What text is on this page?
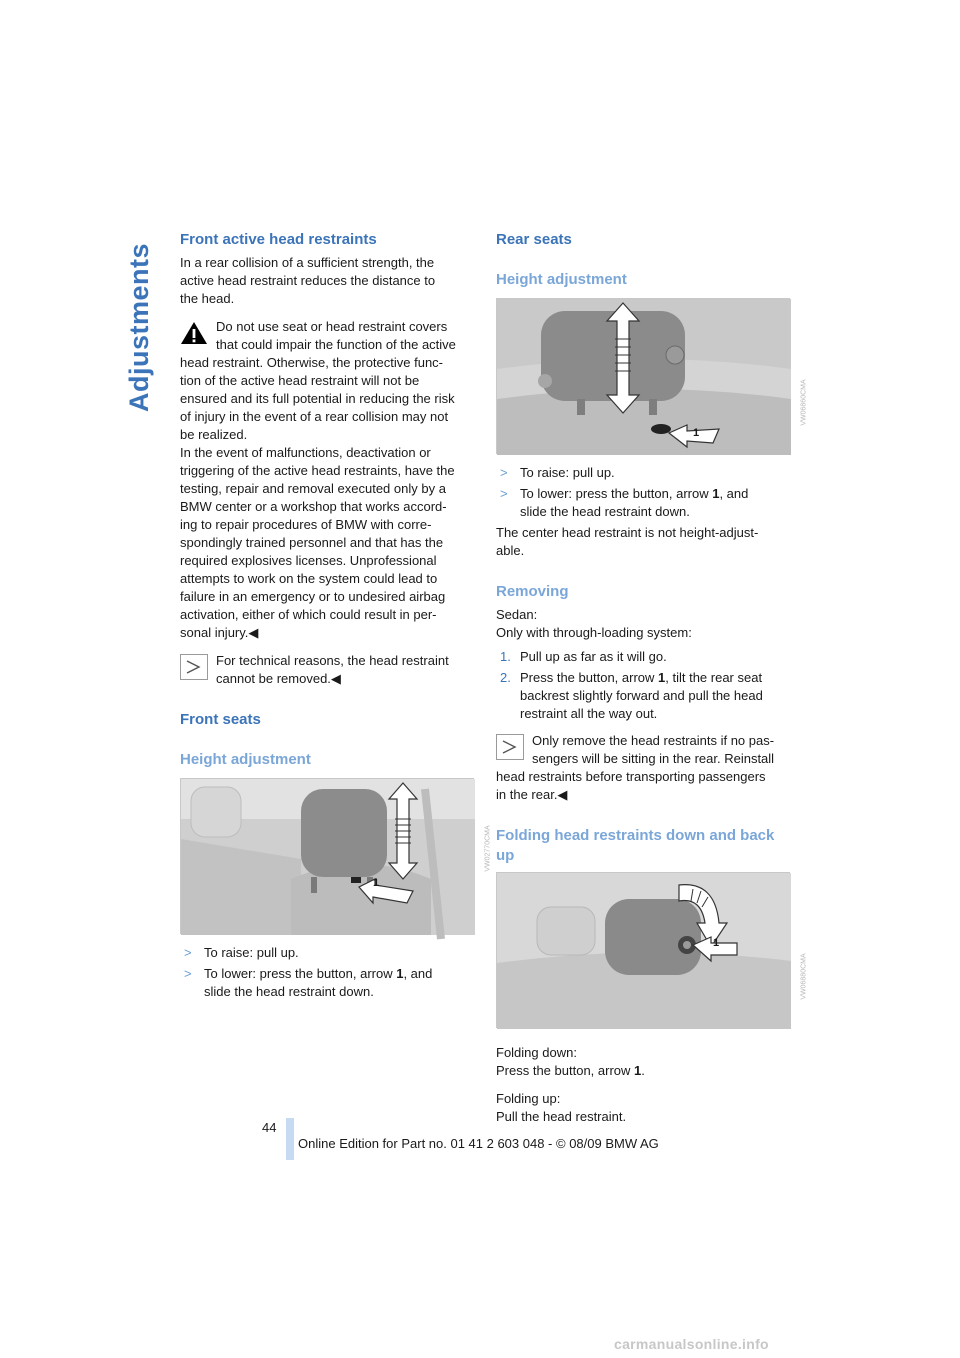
Adjustments
Front active head restraints
In a rear collision of a sufficient strength, the
active head restraint reduces the distance to
the head.
Do not use seat or head restraint covers
that could impair the function of the active
head restraint. Otherwise, the protective func-
tion of the active head restraint will not be
ensured and its full potential in reducing the risk
of injury in the event of a rear collision may not
be realized.
In the event of malfunctions, deactivation or
triggering of the active head restraints, have the
testing, repair and removal executed only by a
BMW center or a workshop that works accord-
ing to repair procedures of BMW with corre-
spondingly trained personnel and that has the
required explosives licenses. Unprofessional
attempts to work on the system could lead to
failure in an emergency or to undesired airbag
activation, either of which could result in per-
sonal injury.◀
For technical reasons, the head restraint
cannot be removed.◀
Front seats
Height adjustment
1
VW02770CMA
> To raise: pull up.
> To lower: press the button, arrow 1, and
slide the head restraint down.
Rear seats
Height adjustment
1
VW06860CMA
> To raise: pull up.
> To lower: press the button, arrow 1, and
slide the head restraint down.
The center head restraint is not height-adjust-
able.
Removing
Sedan:
Only with through-loading system:
1. Pull up as far as it will go.
2. Press the button, arrow 1, tilt the rear seat
backrest slightly forward and pull the head
restraint all the way out.
Only remove the head restraints if no pas-
sengers will be sitting in the rear. Reinstall
head restraints before transporting passengers
in the rear.◀
Folding head restraints down and back
up
1
VW06880CMA
Folding down:
Press the button, arrow 1.
Folding up:
Pull the head restraint.
44
Online Edition for Part no. 01 41 2 603 048 - © 08/09 BMW AG
carmanualsonline.info
